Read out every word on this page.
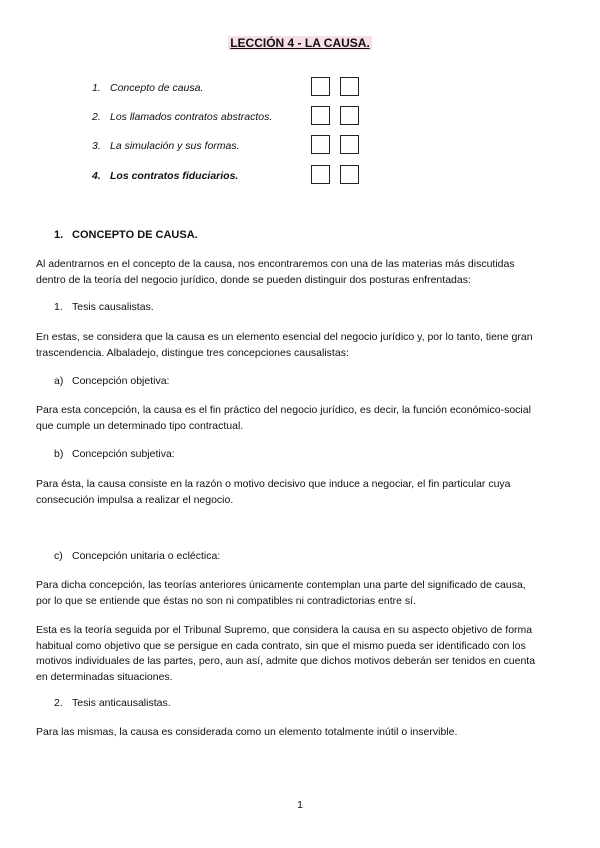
LECCIÓN 4 - LA CAUSA.
1. Concepto de causa.
2. Los llamados contratos abstractos.
3. La simulación y sus formas.
4. Los contratos fiduciarios.
1. CONCEPTO DE CAUSA.
Al adentrarnos en el concepto de la causa, nos encontraremos con una de las materias más discutidas
dentro de la teoría del negocio jurídico, donde se pueden distinguir dos posturas enfrentadas:
1. Tesis causalistas.
En estas, se considera que la causa es un elemento esencial del negocio jurídico y, por lo tanto, tiene gran
trascendencia. Albaladejo, distingue tres concepciones causalistas:
a) Concepción objetiva:
Para esta concepción, la causa es el fin práctico del negocio jurídico, es decir, la función económico-social
que cumple un determinado tipo contractual.
b) Concepción subjetiva:
Para ésta, la causa consiste en la razón o motivo decisivo que induce a negociar, el fin particular cuya
consecución impulsa a realizar el negocio.
c) Concepción unitaria o ecléctica:
Para dicha concepción, las teorías anteriores únicamente contemplan una parte del significado de causa,
por lo que se entiende que éstas no son ni compatibles ni contradictorias entre sí.
Esta es la teoría seguida por el Tribunal Supremo, que considera la causa en su aspecto objetivo de forma
habitual como objetivo que se persigue en cada contrato, sin que el mismo pueda ser identificado con los
motivos individuales de las partes, pero, aun así, admite que dichos motivos deberán ser tenidos en cuenta
en determinadas situaciones.
2. Tesis anticausalistas.
Para las mismas, la causa es considerada como un elemento totalmente inútil o inservible.
1
